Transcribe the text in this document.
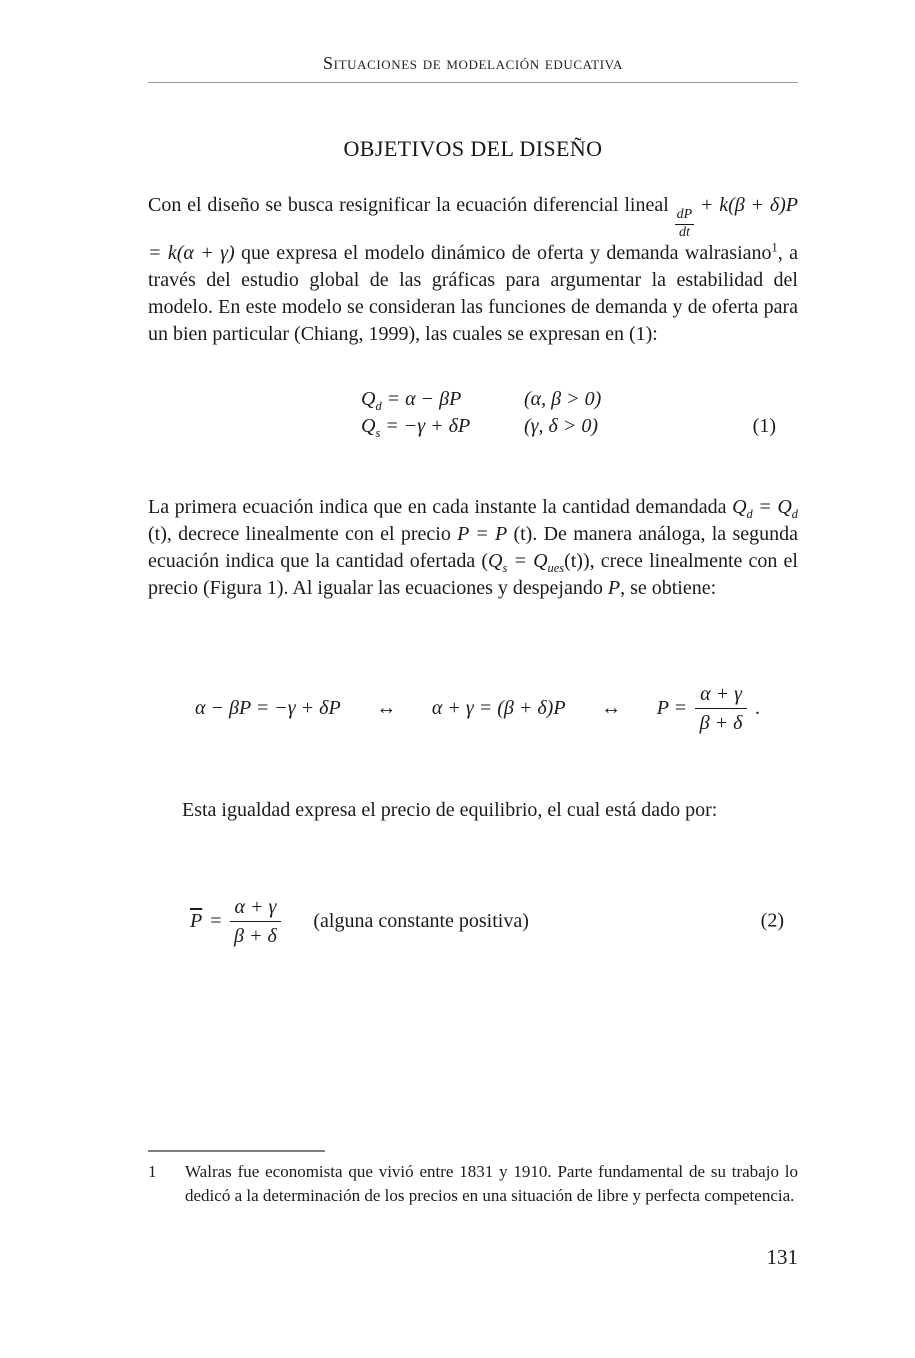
Situaciones de modelación educativa
OBJETIVOS DEL DISEÑO
Con el diseño se busca resignificar la ecuación diferencial lineal
$\frac{dP}{dt}$
+ k(β + δ)P = k(α + γ) que expresa el modelo dinámico de oferta y demanda walrasiano$^1$, a través del estudio global de las gráficas para argumentar la estabilidad del modelo. En este modelo se consideran las funciones de demanda y de oferta para un bien particular (Chiang, 1999), las cuales se expresan en (1):
$Q_d = \alpha - \beta P$	(α, β > 0)
$Q_s = -\gamma + \delta P$	(γ, δ > 0)	(1)
La primera ecuación indica que en cada instante la cantidad demandada $Q_d = Q_d$ (t), decrece linealmente con el precio P = P (t). De manera análoga, la segunda ecuación indica que la cantidad ofertada $(Q_s = Q_{ues}(t))$, crece linealmente con el precio (Figura 1). Al igualar las ecuaciones y despejando P, se obtiene:
α − βP = −γ + δP ↔ α + γ = (β + δ)P ↔ $P = \frac{\alpha + \gamma}{\beta + \delta}$ .
Esta igualdad expresa el precio de equilibrio, el cual está dado por:
$\overline{P} = \frac{\alpha + \gamma}{\beta + \delta}$ (alguna constante positiva)	(2)
1	Walras fue economista que vivió entre 1831 y 1910. Parte fundamental de su trabajo lo dedicó a la determinación de los precios en una situación de libre y perfecta competencia.
131
